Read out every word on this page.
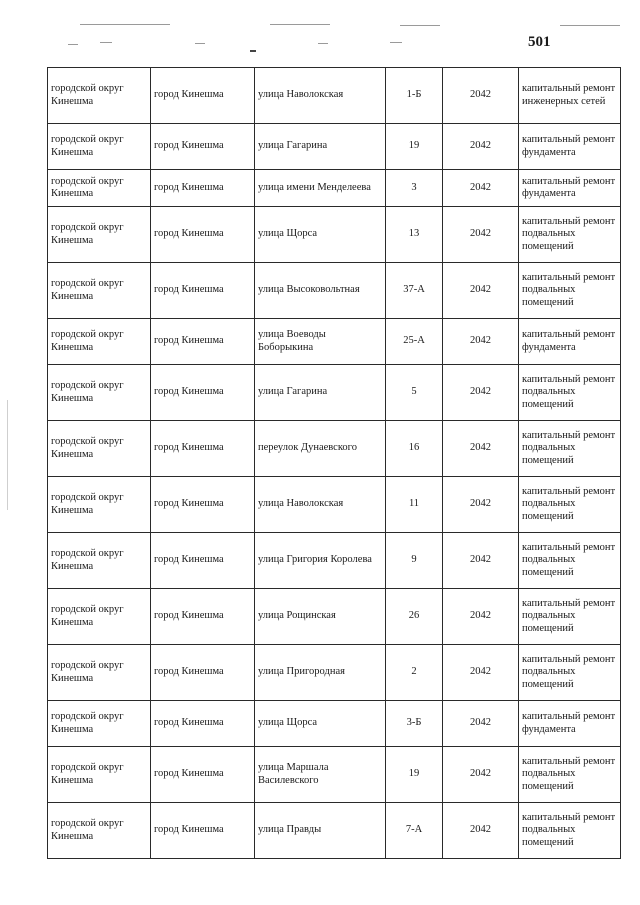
501
городской округ Кинешма	город Кинешма	улица Наволокская	1-Б	2042	капитальный ремонт инженерных сетей
городской округ Кинешма	город Кинешма	улица Гагарина	19	2042	капитальный ремонт фундамента
городской округ Кинешма	город Кинешма	улица имени Менделеева	3	2042	капитальный ремонт фундамента
городской округ Кинешма	город Кинешма	улица Щорса	13	2042	капитальный ремонт подвальных помещений
городской округ Кинешма	город Кинешма	улица Высоковольтная	37-А	2042	капитальный ремонт подвальных помещений
городской округ Кинешма	город Кинешма	улица Воеводы Боборыкина	25-А	2042	капитальный ремонт фундамента
городской округ Кинешма	город Кинешма	улица Гагарина	5	2042	капитальный ремонт подвальных помещений
городской округ Кинешма	город Кинешма	переулок Дунаевского	16	2042	капитальный ремонт подвальных помещений
городской округ Кинешма	город Кинешма	улица Наволокская	11	2042	капитальный ремонт подвальных помещений
городской округ Кинешма	город Кинешма	улица Григория Королева	9	2042	капитальный ремонт подвальных помещений
городской округ Кинешма	город Кинешма	улица Рощинская	26	2042	капитальный ремонт подвальных помещений
городской округ Кинешма	город Кинешма	улица Пригородная	2	2042	капитальный ремонт подвальных помещений
городской округ Кинешма	город Кинешма	улица Щорса	3-Б	2042	капитальный ремонт фундамента
городской округ Кинешма	город Кинешма	улица Маршала Василевского	19	2042	капитальный ремонт подвальных помещений
городской округ Кинешма	город Кинешма	улица Правды	7-А	2042	капитальный ремонт подвальных помещений
